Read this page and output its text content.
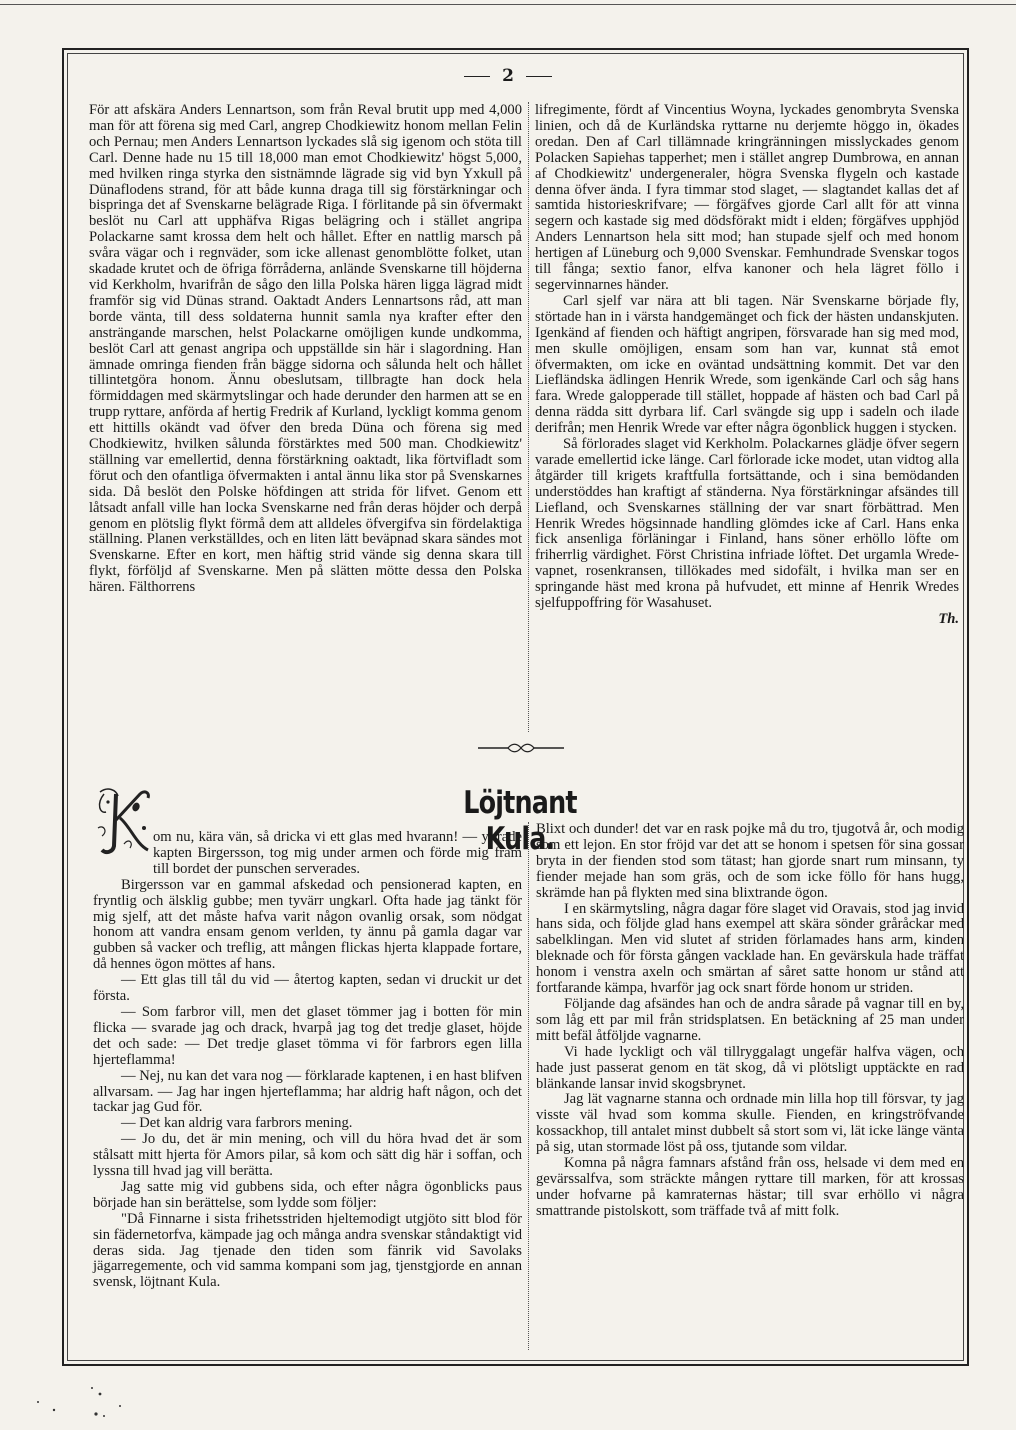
2

För att afskära Anders Lennartson, som från Reval brutit upp med 4,000 man för att förena sig med Carl, angrep Chodkiewitz honom mellan Felin och Pernau; men Anders Lennartson lyckades slå sig igenom och stöta till Carl. Denne hade nu 15 till 18,000 man emot Chodkiewitz' högst 5,000, med hvilken ringa styrka den sistnämnde lägrade sig vid byn Yxkull på Dünaflodens strand, för att både kunna draga till sig förstärkningar och bispringa det af Svenskarne belägrade Riga. I förlitande på sin öfvermakt beslöt nu Carl att upphäfva Rigas belägring och i stället angripa Polackarne samt krossa dem helt och hållet. Efter en nattlig marsch på svåra vägar och i regnväder, som icke allenast genomblötte folket, utan skadade krutet och de öfriga förråderna, anlände Svenskarne till höjderna vid Kerkholm, hvarifrån de sågo den lilla Polska hären ligga lägrad midt framför sig vid Dünas strand. Oaktadt Anders Lennartsons råd, att man borde vänta, till dess soldaterna hunnit samla nya krafter efter den ansträngande marschen, helst Polackarne omöjligen kunde undkomma, beslöt Carl att genast angripa och uppställde sin här i slagordning. Han ämnade omringa fienden från bägge sidorna och sålunda helt och hållet tillintetgöra honom. Ännu obeslutsam, tillbragte han dock hela förmiddagen med skärmytslingar och hade derunder den harmen att se en trupp ryttare, anförda af hertig Fredrik af Kurland, lyckligt komma genom ett hittills okändt vad öfver den breda Düna och förena sig med Chodkiewitz, hvilken sålunda förstärktes med 500 man. Chodkiewitz' ställning var emellertid, denna förstärkning oaktadt, lika förtvifladt som förut och den ofantliga öfvermakten i antal ännu lika stor på Svenskarnes sida. Då beslöt den Polske höfdingen att strida för lifvet. Genom ett låtsadt anfall ville han locka Svenskarne ned från deras höjder och derpå genom en plötslig flykt förmå dem att alldeles öfvergifva sin fördelaktiga ställning. Planen verkställdes, och en liten lätt beväpnad skara sändes mot Svenskarne. Efter en kort, men häftig strid vände sig denna skara till flykt, förföljd af Svenskarne. Men på slätten mötte dessa den Polska hären. Fälthorrens

lifregimente, fördt af Vincentius Woyna, lyckades genombryta Svenska linien, och då de Kurländska ryttarne nu derjemte höggo in, ökades oredan. Den af Carl tillämnade kringränningen misslyckades genom Polacken Sapiehas tapperhet; men i stället angrep Dumbrowa, en annan af Chodkiewitz' undergeneraler, högra Svenska flygeln och kastade denna öfver ända. I fyra timmar stod slaget, — slagtandet kallas det af samtida historieskrifvare; — förgäfves gjorde Carl allt för att vinna segern och kastade sig med dödsförakt midt i elden; förgäfves upphjöd Anders Lennartson hela sitt mod; han stupade sjelf och med honom hertigen af Lüneburg och 9,000 Svenskar. Femhundrade Svenskar togos till fånga; sextio fanor, elfva kanoner och hela lägret föllo i segervinnarnes händer.

Carl sjelf var nära att bli tagen. När Svenskarne började fly, störtade han in i värsta handgemänget och fick der hästen undanskjuten. Igenkänd af fienden och häftigt angripen, försvarade han sig med mod, men skulle omöjligen, ensam som han var, kunnat stå emot öfvermakten, om icke en oväntad undsättning kommit. Det var den Liefländska ädlingen Henrik Wrede, som igenkände Carl och såg hans fara. Wrede galopperade till stället, hoppade af hästen och bad Carl på denna rädda sitt dyrbara lif. Carl svängde sig upp i sadeln och ilade derifrån; men Henrik Wrede var efter några ögonblick huggen i stycken.

Så förlorades slaget vid Kerkholm. Polackarnes glädje öfver segern varade emellertid icke länge. Carl förlorade icke modet, utan vidtog alla åtgärder till krigets kraftfulla fortsättande, och i sina bemödanden understöddes han kraftigt af ständerna. Nya förstärkningar afsändes till Liefland, och Svenskarnes ställning der var snart förbättrad. Men Henrik Wredes högsinnade handling glömdes icke af Carl. Hans enka fick ansenliga förläningar i Finland, hans söner erhöllo löfte om friherrlig värdighet. Först Christina infriade löftet. Det urgamla Wrede-vapnet, rosenkransen, tillökades med sidofält, i hvilka man ser en springande häst med krona på hufvudet, ett minne af Henrik Wredes sjelfuppoffring för Wasahuset.

Th.

Löjtnant Kula.

om nu, kära vän, så dricka vi ett glas med hvarann! — yttrade kapten Birgersson, tog mig under armen och förde mig fram till bordet der punschen serverades.

Birgersson var en gammal afskedad och pensionerad kapten, en fryntlig och älsklig gubbe; men tyvärr ungkarl. Ofta hade jag tänkt för mig sjelf, att det måste hafva varit någon ovanlig orsak, som nödgat honom att vandra ensam genom verlden, ty ännu på gamla dagar var gubben så vacker och treflig, att mången flickas hjerta klappade fortare, då hennes ögon möttes af hans.

— Ett glas till tål du vid — återtog kapten, sedan vi druckit ur det första.

— Som farbror vill, men det glaset tömmer jag i botten för min flicka — svarade jag och drack, hvarpå jag tog det tredje glaset, höjde det och sade: — Det tredje glaset tömma vi för farbrors egen lilla hjerteflamma!

— Nej, nu kan det vara nog — förklarade kaptenen, i en hast blifven allvarsam. — Jag har ingen hjerteflamma; har aldrig haft någon, och det tackar jag Gud för.

— Det kan aldrig vara farbrors mening.

— Jo du, det är min mening, och vill du höra hvad det är som stålsatt mitt hjerta för Amors pilar, så kom och sätt dig här i soffan, och lyssna till hvad jag vill berätta.

Jag satte mig vid gubbens sida, och efter några ögonblicks paus började han sin berättelse, som lydde som följer:

"Då Finnarne i sista frihetsstriden hjeltemodigt utgjöto sitt blod för sin fädernetorfva, kämpade jag och många andra svenskar ståndaktigt vid deras sida. Jag tjenade den tiden som fänrik vid Savolaks jägarregemente, och vid samma kompani som jag, tjenstgjorde en annan svensk, löjtnant Kula.

Blixt och dunder! det var en rask pojke må du tro, tjugotvå år, och modig som ett lejon. En stor fröjd var det att se honom i spetsen för sina gossar bryta in der fienden stod som tätast; han gjorde snart rum minsann, ty fiender mejade han som gräs, och de som icke föllo för hans hugg, skrämde han på flykten med sina blixtrande ögon.

I en skärmytsling, några dagar före slaget vid Oravais, stod jag invid hans sida, och följde glad hans exempel att skära sönder gråråckar med sabelklingan. Men vid slutet af striden förlamades hans arm, kinden bleknade och för första gången vacklade han. En gevärskula hade träffat honom i venstra axeln och smärtan af såret satte honom ur stånd att fortfarande kämpa, hvarför jag ock snart förde honom ur striden.

Följande dag afsändes han och de andra sårade på vagnar till en by, som låg ett par mil från stridsplatsen. En betäckning af 25 man under mitt befäl åtföljde vagnarne.

Vi hade lyckligt och väl tillryggalagt ungefär halfva vägen, och hade just passerat genom en tät skog, då vi plötsligt upptäckte en rad blänkande lansar invid skogsbrynet.

Jag lät vagnarne stanna och ordnade min lilla hop till försvar, ty jag visste väl hvad som komma skulle. Fienden, en kringströfvande kossackhop, till antalet minst dubbelt så stort som vi, lät icke länge vänta på sig, utan stormade löst på oss, tjutande som vildar.

Komna på några famnars afstånd från oss, helsade vi dem med en gevärssalfva, som sträckte mången ryttare till marken, för att krossas under hofvarne på kamraternas hästar; till svar erhöllo vi några smattrande pistolskott, som träffade två af mitt folk.
